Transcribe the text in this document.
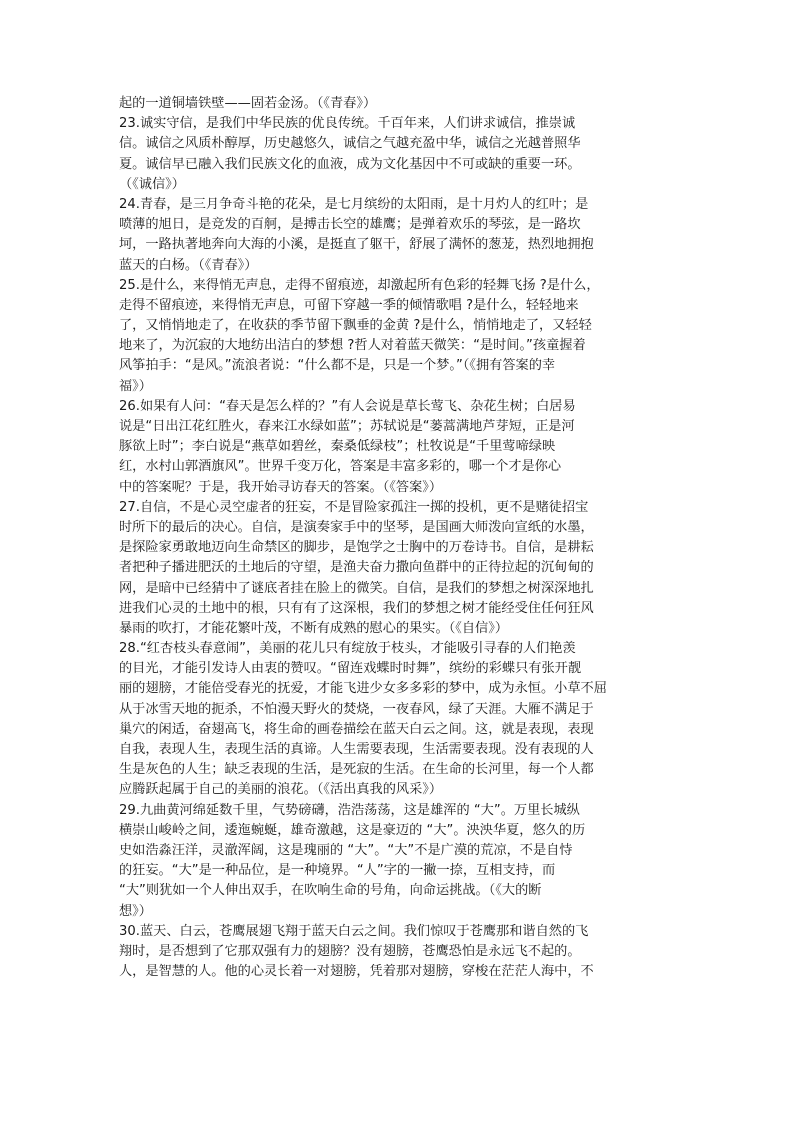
起的一道铜墙铁壁——固若金汤。（《青春》）
23.诚实守信，是我们中华民族的优良传统。千百年来，人们讲求诚信，推崇诚
信。诚信之风质朴醇厚，历史越悠久，诚信之气越充盈中华，诚信之光越普照华
夏。诚信早已融入我们民族文化的血液，成为文化基因中不可或缺的重要一环。
（《诚信》）
24.青春，是三月争奇斗艳的花朵，是七月缤纷的太阳雨，是十月灼人的红叶；是
喷薄的旭日，是竞发的百舸，是搏击长空的雄鹰；是弹着欢乐的琴弦，是一路坎
坷，一路执著地奔向大海的小溪，是挺直了躯干，舒展了满怀的葱茏，热烈地拥抱
蓝天的白杨。（《青春》）
25.是什么，来得悄无声息，走得不留痕迹，却激起所有色彩的轻舞飞扬 ?是什么，
走得不留痕迹，来得悄无声息，可留下穿越一季的倾情歌唱 ?是什么，轻轻地来
了，又悄悄地走了，在收获的季节留下飘垂的金黄 ?是什么，悄悄地走了，又轻轻
地来了，为沉寂的大地纺出洁白的梦想 ?哲人对着蓝天微笑：“是时间。”孩童握着
风筝拍手：“是风。”流浪者说：“什么都不是，只是一个梦。”（《拥有答案的幸
福》）
26.如果有人问：“春天是怎么样的？”有人会说是草长莺飞、杂花生树；白居易
说是“日出江花红胜火，春来江水绿如蓝”；苏轼说是“蒌蒿满地芦芽短，正是河
豚欲上时”；李白说是“燕草如碧丝，秦桑低绿枝”；杜牧说是“千里莺啼绿映
红，水村山郭酒旗风”。世界千变万化，答案是丰富多彩的，哪一个才是你心
中的答案呢？于是，我开始寻访春天的答案。（《答案》）
27.自信，不是心灵空虚者的狂妄，不是冒险家孤注一掷的投机，更不是赌徒招宝
时所下的最后的决心。自信，是演奏家手中的坚琴，是国画大师泼向宣纸的水墨，
是探险家勇敢地迈向生命禁区的脚步，是饱学之士胸中的万卷诗书。自信，是耕耘
者把种子播进肥沃的土地后的守望，是渔夫奋力撒向鱼群中的正待拉起的沉甸甸的
网，是暗中已经猜中了谜底者挂在脸上的微笑。自信，是我们的梦想之树深深地扎
进我们心灵的土地中的根，只有有了这深根，我们的梦想之树才能经受住任何狂风
暴雨的吹打，才能花繁叶茂，不断有成熟的慰心的果实。（《自信》）
28.“红杏枝头春意闹”，美丽的花儿只有绽放于枝头，才能吸引寻春的人们艳羡
的目光，才能引发诗人由衷的赞叹。“留连戏蝶时时舞”，缤纷的彩蝶只有张开靓
丽的翅膀，才能倍受春光的抚爱，才能飞进少女多多彩的梦中，成为永恒。小草不屈
从于冰雪天地的扼杀，不怕漫天野火的焚烧，一夜春风，绿了天涯。大雁不满足于
巢穴的闲适，奋翅高飞，将生命的画卷描绘在蓝天白云之间。这，就是表现，表现
自我，表现人生，表现生活的真谛。人生需要表现，生活需要表现。没有表现的人
生是灰色的人生；缺乏表现的生活，是死寂的生活。在生命的长河里，每一个人都
应腾跃起属于自己的美丽的浪花。（《活出真我的风采》）
29.九曲黄河绵延数千里，气势磅礴，浩浩荡荡，这是雄浑的 “大”。万里长城纵
横崇山峻岭之间，逶迤蜿蜒，雄奇激越，这是豪迈的 “大”。泱泱华夏，悠久的历
史如浩淼汪洋，灵澈浑阔，这是瑰丽的 “大”。“大”不是广漠的荒凉，不是自恃
的狂妄。“大”是一种品位，是一种境界。“人”字的一撇一捺，互相支持，而
“大”则犹如一个人伸出双手，在吹响生命的号角，向命运挑战。（《大的断
想》）
30.蓝天、白云，苍鹰展翅飞翔于蓝天白云之间。我们惊叹于苍鹰那和谐自然的飞
翔时，是否想到了它那双强有力的翅膀？没有翅膀，苍鹰恐怕是永远飞不起的。
人，是智慧的人。他的心灵长着一对翅膀，凭着那对翅膀，穿梭在茫茫人海中，不
